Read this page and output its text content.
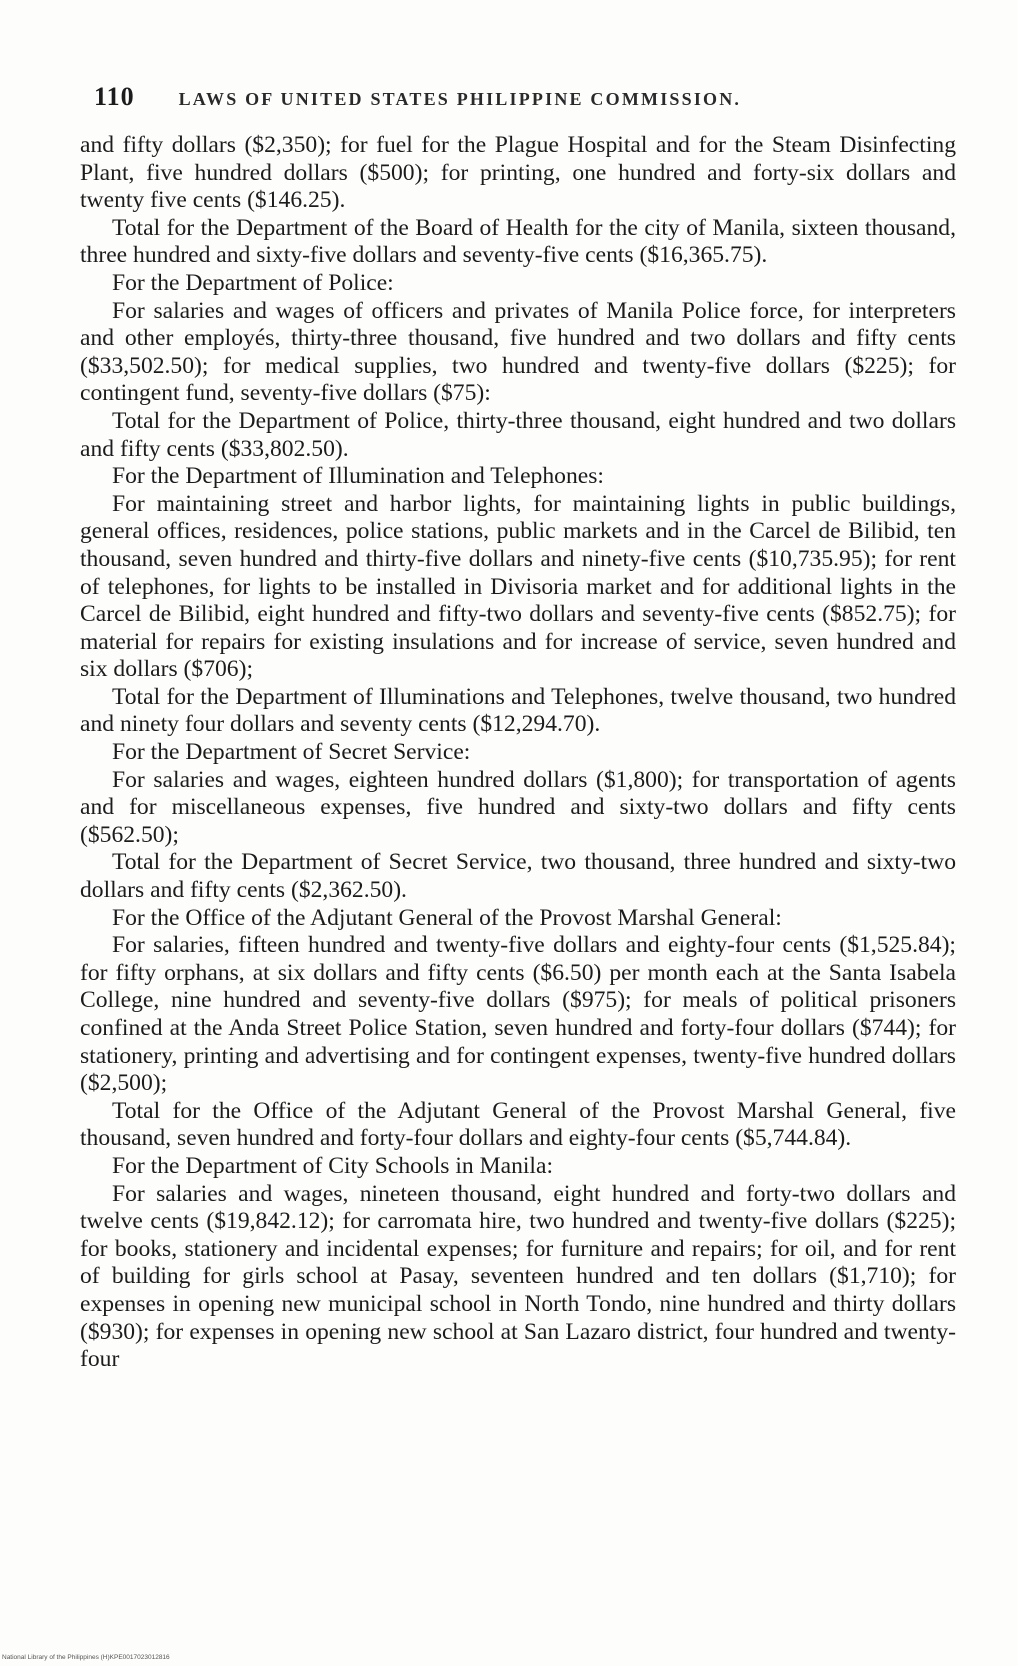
110 LAWS OF UNITED STATES PHILIPPINE COMMISSION.

and fifty dollars ($2,350); for fuel for the Plague Hospital and for the Steam Disinfecting Plant, five hundred dollars ($500); for printing, one hundred and forty-six dollars and twenty five cents ($146.25).

Total for the Department of the Board of Health for the city of Manila, sixteen thousand, three hundred and sixty-five dollars and seventy-five cents ($16,365.75).

For the Department of Police:

For salaries and wages of officers and privates of Manila Police force, for interpreters and other employés, thirty-three thousand, five hundred and two dollars and fifty cents ($33,502.50); for medical supplies, two hundred and twenty-five dollars ($225); for contingent fund, seventy-five dollars ($75):

Total for the Department of Police, thirty-three thousand, eight hundred and two dollars and fifty cents ($33,802.50).

For the Department of Illumination and Telephones:

For maintaining street and harbor lights, for maintaining lights in public buildings, general offices, residences, police stations, public markets and in the Carcel de Bilibid, ten thousand, seven hundred and thirty-five dollars and ninety-five cents ($10,735.95); for rent of telephones, for lights to be installed in Divisoria market and for additional lights in the Carcel de Bilibid, eight hundred and fifty-two dollars and seventy-five cents ($852.75); for material for repairs for existing insulations and for increase of service, seven hundred and six dollars ($706);

Total for the Department of Illuminations and Telephones, twelve thousand, two hundred and ninety four dollars and seventy cents ($12,294.70).

For the Department of Secret Service:

For salaries and wages, eighteen hundred dollars ($1,800); for transportation of agents and for miscellaneous expenses, five hundred and sixty-two dollars and fifty cents ($562.50);

Total for the Department of Secret Service, two thousand, three hundred and sixty-two dollars and fifty cents ($2,362.50).

For the Office of the Adjutant General of the Provost Marshal General:

For salaries, fifteen hundred and twenty-five dollars and eighty-four cents ($1,525.84); for fifty orphans, at six dollars and fifty cents ($6.50) per month each at the Santa Isabela College, nine hundred and seventy-five dollars ($975); for meals of political prisoners confined at the Anda Street Police Station, seven hundred and forty-four dollars ($744); for stationery, printing and advertising and for contingent expenses, twenty-five hundred dollars ($2,500);

Total for the Office of the Adjutant General of the Provost Marshal General, five thousand, seven hundred and forty-four dollars and eighty-four cents ($5,744.84).

For the Department of City Schools in Manila:

For salaries and wages, nineteen thousand, eight hundred and forty-two dollars and twelve cents ($19,842.12); for carromata hire, two hundred and twenty-five dollars ($225); for books, stationery and incidental expenses; for furniture and repairs; for oil, and for rent of building for girls school at Pasay, seventeen hundred and ten dollars ($1,710); for expenses in opening new municipal school in North Tondo, nine hundred and thirty dollars ($930); for expenses in opening new school at San Lazaro district, four hundred and twenty-four

National Library of the Philippines (H)KPE0017023012816
